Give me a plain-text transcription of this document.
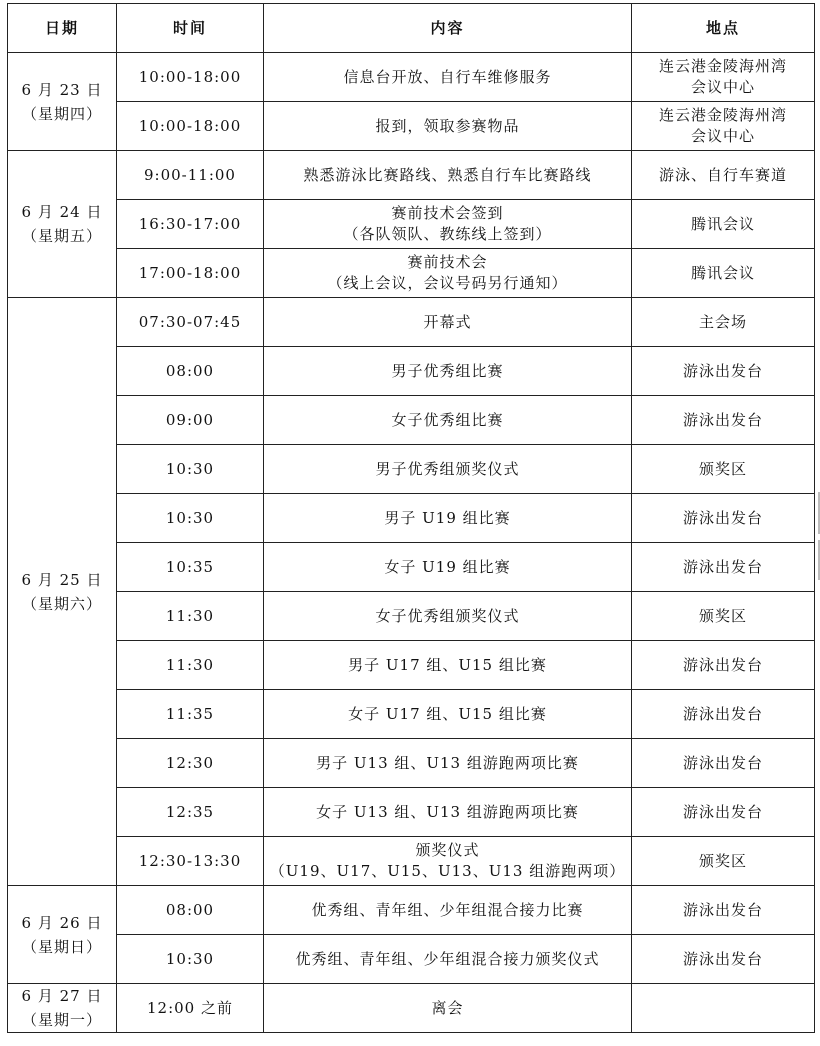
日期	时间	内容	地点

6 月 23 日
（星期四）	10:00-18:00	信息台开放、自行车维修服务	连云港金陵海州湾
会议中心

	10:00-18:00	报到，领取参赛物品	连云港金陵海州湾
会议中心

6 月 24 日
（星期五）	9:00-11:00	熟悉游泳比赛路线、熟悉自行车比赛路线	游泳、自行车赛道

	16:30-17:00	赛前技术会签到
（各队领队、教练线上签到）	腾讯会议

	17:00-18:00	赛前技术会
（线上会议，会议号码另行通知）	腾讯会议

6 月 25 日
（星期六）	07:30-07:45	开幕式	主会场

	08:00	男子优秀组比赛	游泳出发台

	09:00	女子优秀组比赛	游泳出发台

	10:30	男子优秀组颁奖仪式	颁奖区

	10:30	男子 U19 组比赛	游泳出发台

	10:35	女子 U19 组比赛	游泳出发台

	11:30	女子优秀组颁奖仪式	颁奖区

	11:30	男子 U17 组、U15 组比赛	游泳出发台

	11:35	女子 U17 组、U15 组比赛	游泳出发台

	12:30	男子 U13 组、U13 组游跑两项比赛	游泳出发台

	12:35	女子 U13 组、U13 组游跑两项比赛	游泳出发台

	12:30-13:30	颁奖仪式
（U19、U17、U15、U13、U13 组游跑两项）	颁奖区

6 月 26 日
（星期日）	08:00	优秀组、青年组、少年组混合接力比赛	游泳出发台

	10:30	优秀组、青年组、少年组混合接力颁奖仪式	游泳出发台

6 月 27 日
（星期一）	12:00 之前	离会	
